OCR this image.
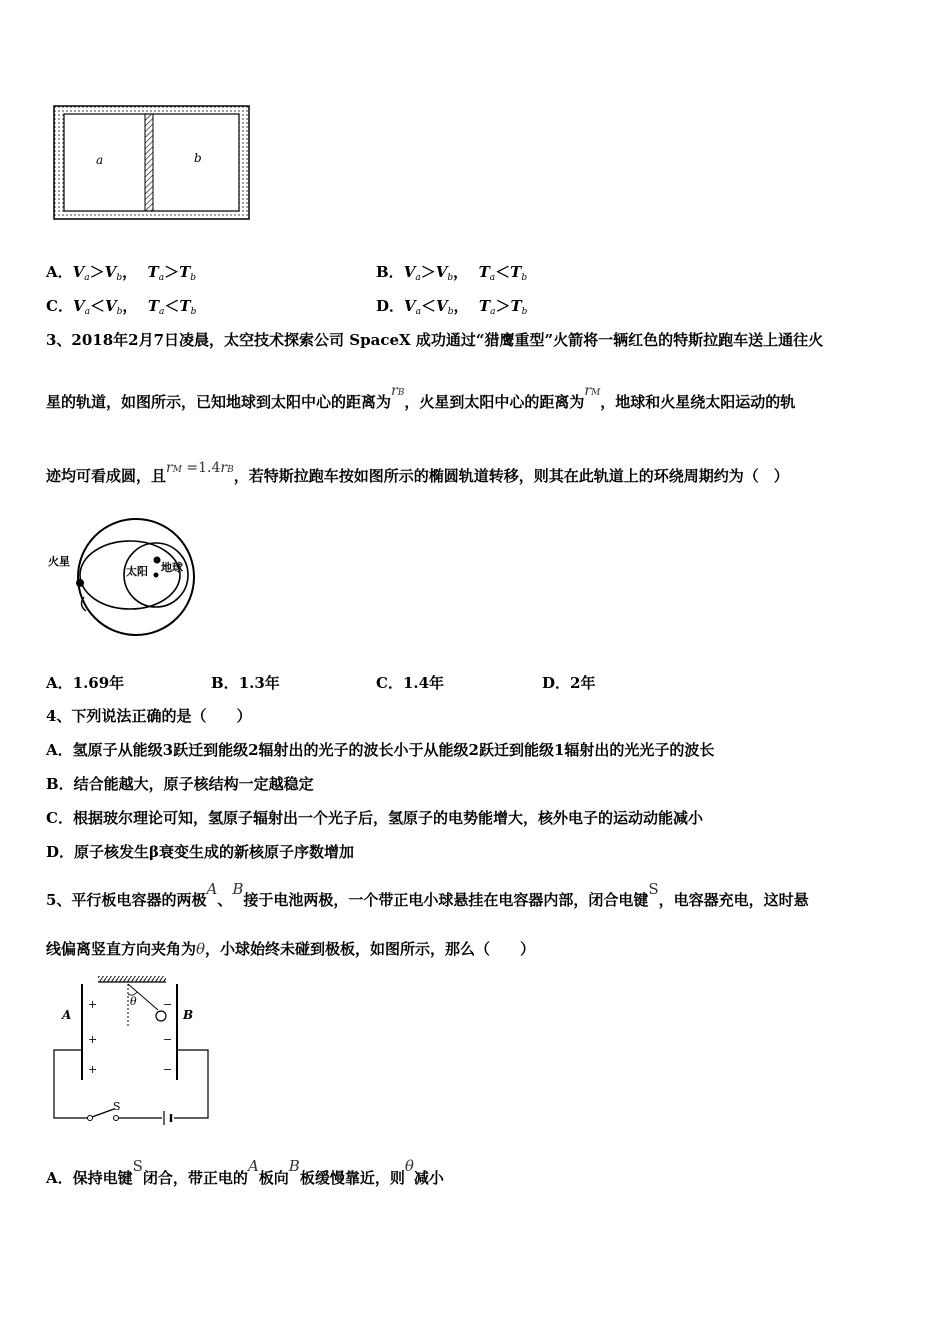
a	b
A．$V_a>V_b$， $T_a>T_b$	B．$V_a>V_b$， $T_a<T_b$
C．$V_a<V_b$， $T_a<T_b$	D．$V_a<V_b$， $T_a>T_b$
3、2018年2月7日凌晨，太空技术探索公司 SpaceX 成功通过“猎鹰重型”火箭将一辆红色的特斯拉跑车送上通往火
星的轨道，如图所示，已知地球到太阳中心的距离为rB，火星到太阳中心的距离为rM，地球和火星绕太阳运动的轨
迹均可看成圆，且rM =1.4rB，若特斯拉跑车按如图所示的椭圆轨道转移，则其在此轨道上的环绕周期约为（　）
火星
太阳 地球
A．1.69年	B．1.3年	C．1.4年	D．2年
4、下列说法正确的是（　　）
A．氢原子从能级3跃迁到能级2辐射出的光子的波长小于从能级2跃迁到能级1辐射出的光光子的波长
B．结合能越大，原子核结构一定越稳定
C．根据玻尔理论可知，氢原子辐射出一个光子后，氢原子的电势能增大，核外电子的运动动能减小
D．原子核发生β衰变生成的新核原子序数增加
5、平行板电容器的两极A、B接于电池两极，一个带正电小球悬挂在电容器内部，闭合电键S，电容器充电，这时悬
线偏离竖直方向夹角为θ，小球始终未碰到极板，如图所示，那么（　　）
θ
A	B
+
+
+
−
−
−
S
A．保持电键S闭合，带正电的A板向B板缓慢靠近，则θ减小
